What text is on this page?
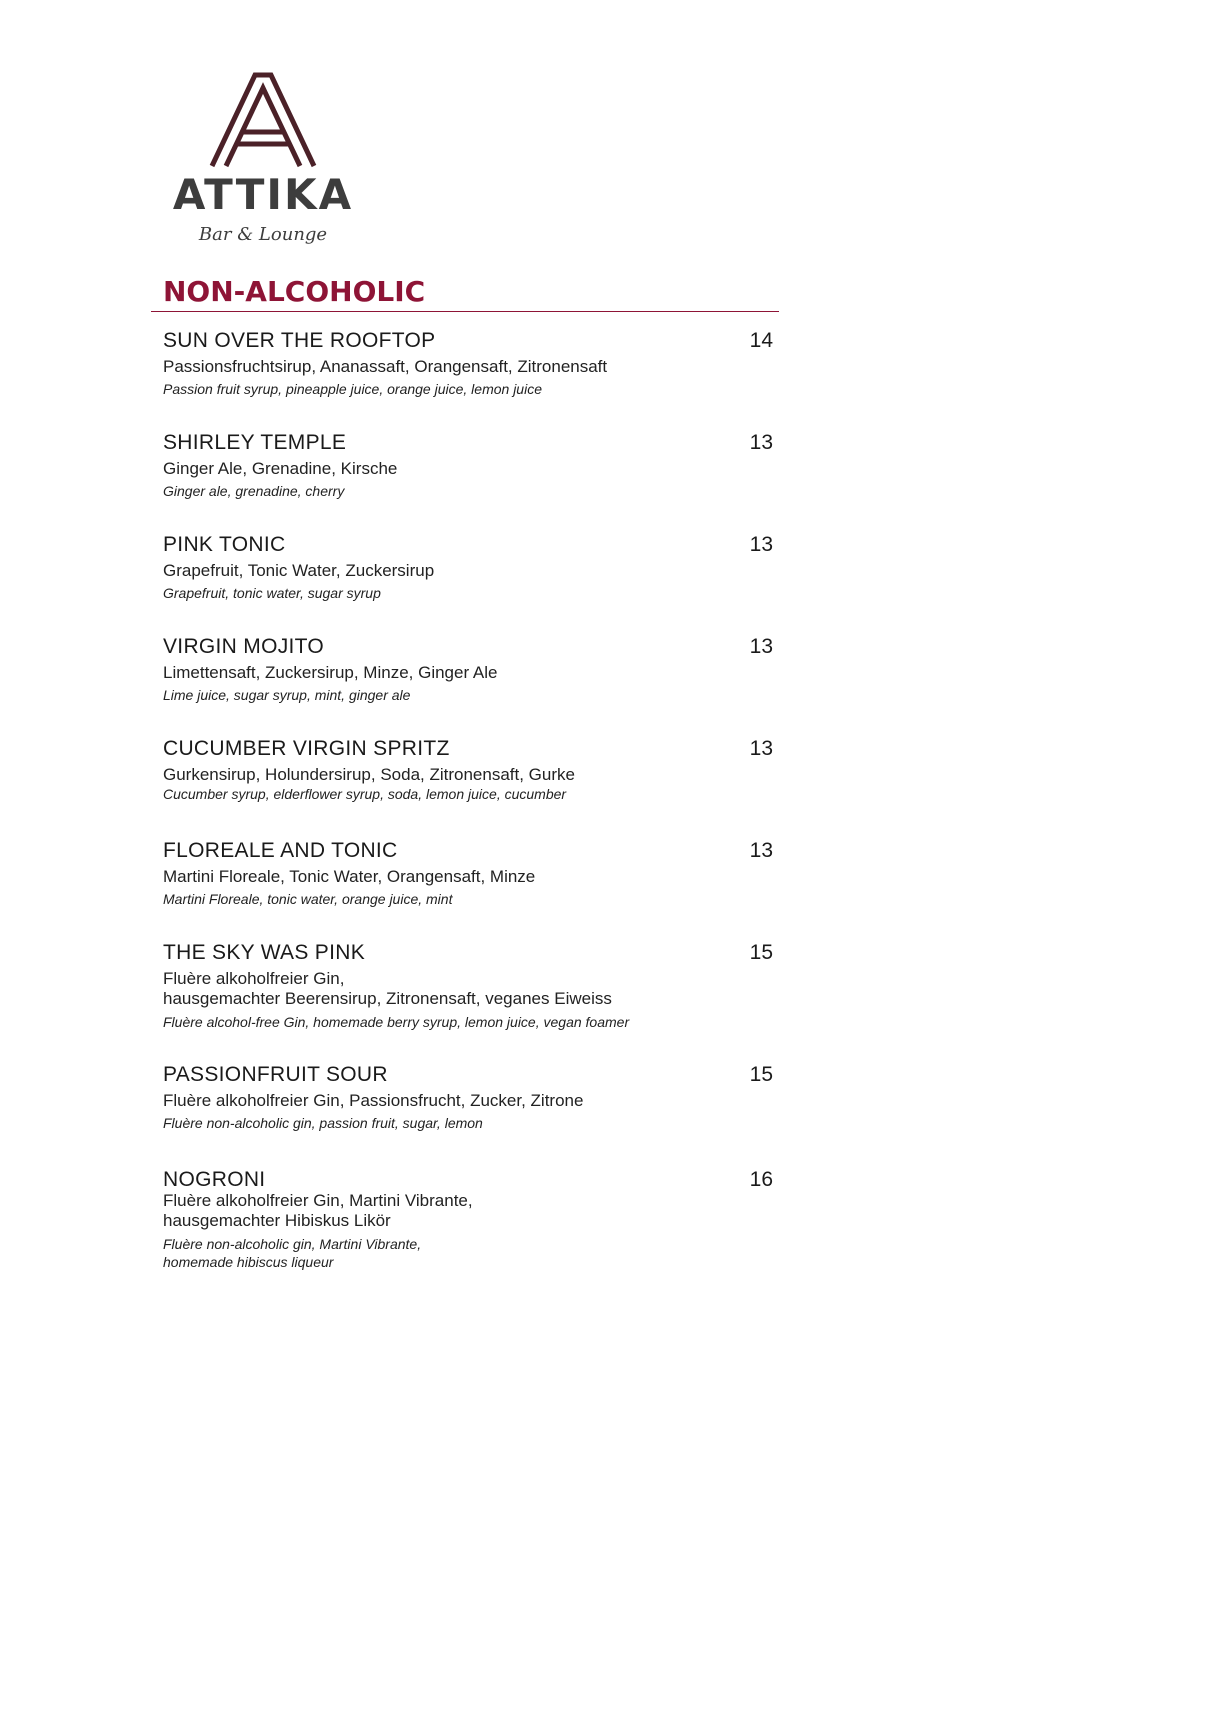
ATTIKA
Bar & Lounge
NON-ALCOHOLIC
SUN OVER THE ROOFTOP	14
Passionsfruchtsirup, Ananassaft, Orangensaft, Zitronensaft
Passion fruit syrup, pineapple juice, orange juice, lemon juice
SHIRLEY TEMPLE	13
Ginger Ale, Grenadine, Kirsche
Ginger ale, grenadine, cherry
PINK TONIC	13
Grapefruit, Tonic Water, Zuckersirup
Grapefruit, tonic water, sugar syrup
VIRGIN MOJITO	13
Limettensaft, Zuckersirup, Minze, Ginger Ale
Lime juice, sugar syrup, mint, ginger ale
CUCUMBER VIRGIN SPRITZ	13
Gurkensirup, Holundersirup, Soda, Zitronensaft, Gurke
Cucumber syrup, elderflower syrup, soda, lemon juice, cucumber
FLOREALE AND TONIC	13
Martini Floreale, Tonic Water, Orangensaft, Minze
Martini Floreale, tonic water, orange juice, mint
THE SKY WAS PINK	15
Fluère alkoholfreier Gin,
hausgemachter Beerensirup, Zitronensaft, veganes Eiweiss
Fluère alcohol-free Gin, homemade berry syrup, lemon juice, vegan foamer
PASSIONFRUIT SOUR	15
Fluère alkoholfreier Gin, Passionsfrucht, Zucker, Zitrone
Fluère non-alcoholic gin, passion fruit, sugar, lemon
NOGRONI	16
Fluère alkoholfreier Gin, Martini Vibrante,
hausgemachter Hibiskus Likör
Fluère non-alcoholic gin, Martini Vibrante,
homemade hibiscus liqueur
